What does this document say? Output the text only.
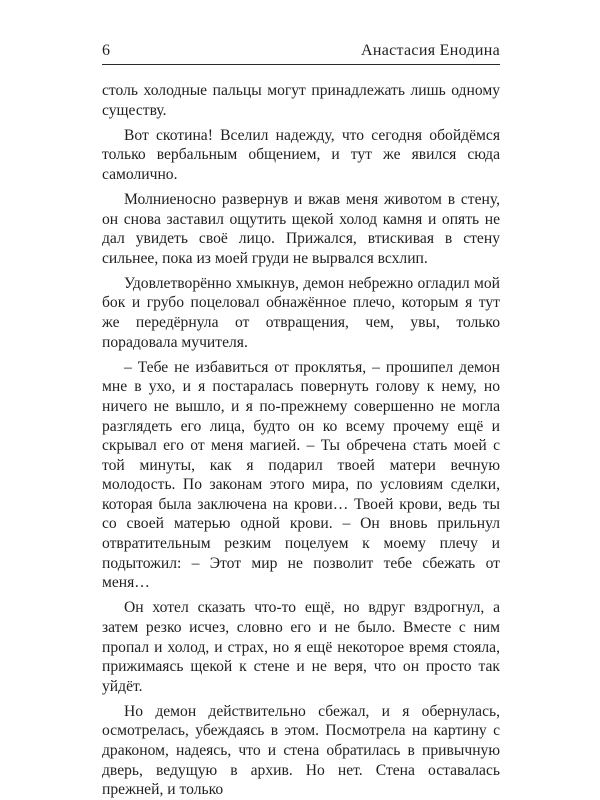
6	Анастасия Енодина

столь холодные пальцы могут принадлежать лишь одному существу.

Вот скотина! Вселил надежду, что сегодня обойдёмся только вербальным общением, и тут же явился сюда самолично.

Молниеносно развернув и вжав меня животом в стену, он снова заставил ощутить щекой холод камня и опять не дал увидеть своё лицо. Прижался, втискивая в стену сильнее, пока из моей груди не вырвался всхлип.

Удовлетворённо хмыкнув, демон небрежно огладил мой бок и грубо поцеловал обнажённое плечо, которым я тут же передёрнула от отвращения, чем, увы, только порадовала мучителя.

– Тебе не избавиться от проклятья, – прошипел демон мне в ухо, и я постаралась повернуть голову к нему, но ничего не вышло, и я по-прежнему совершенно не могла разглядеть его лица, будто он ко всему прочему ещё и скрывал его от меня магией. – Ты обречена стать моей с той минуты, как я подарил твоей матери вечную молодость. По законам этого мира, по условиям сделки, которая была заключена на крови… Твоей крови, ведь ты со своей матерью одной крови. – Он вновь прильнул отвратительным резким поцелуем к моему плечу и подытожил: – Этот мир не позволит тебе сбежать от меня…

Он хотел сказать что-то ещё, но вдруг вздрогнул, а затем резко исчез, словно его и не было. Вместе с ним пропал и холод, и страх, но я ещё некоторое время стояла, прижимаясь щекой к стене и не веря, что он просто так уйдёт.

Но демон действительно сбежал, и я обернулась, осмотрелась, убеждаясь в этом. Посмотрела на картину с драконом, надеясь, что и стена обратилась в привычную дверь, ведущую в архив. Но нет. Стена оставалась прежней, и только
